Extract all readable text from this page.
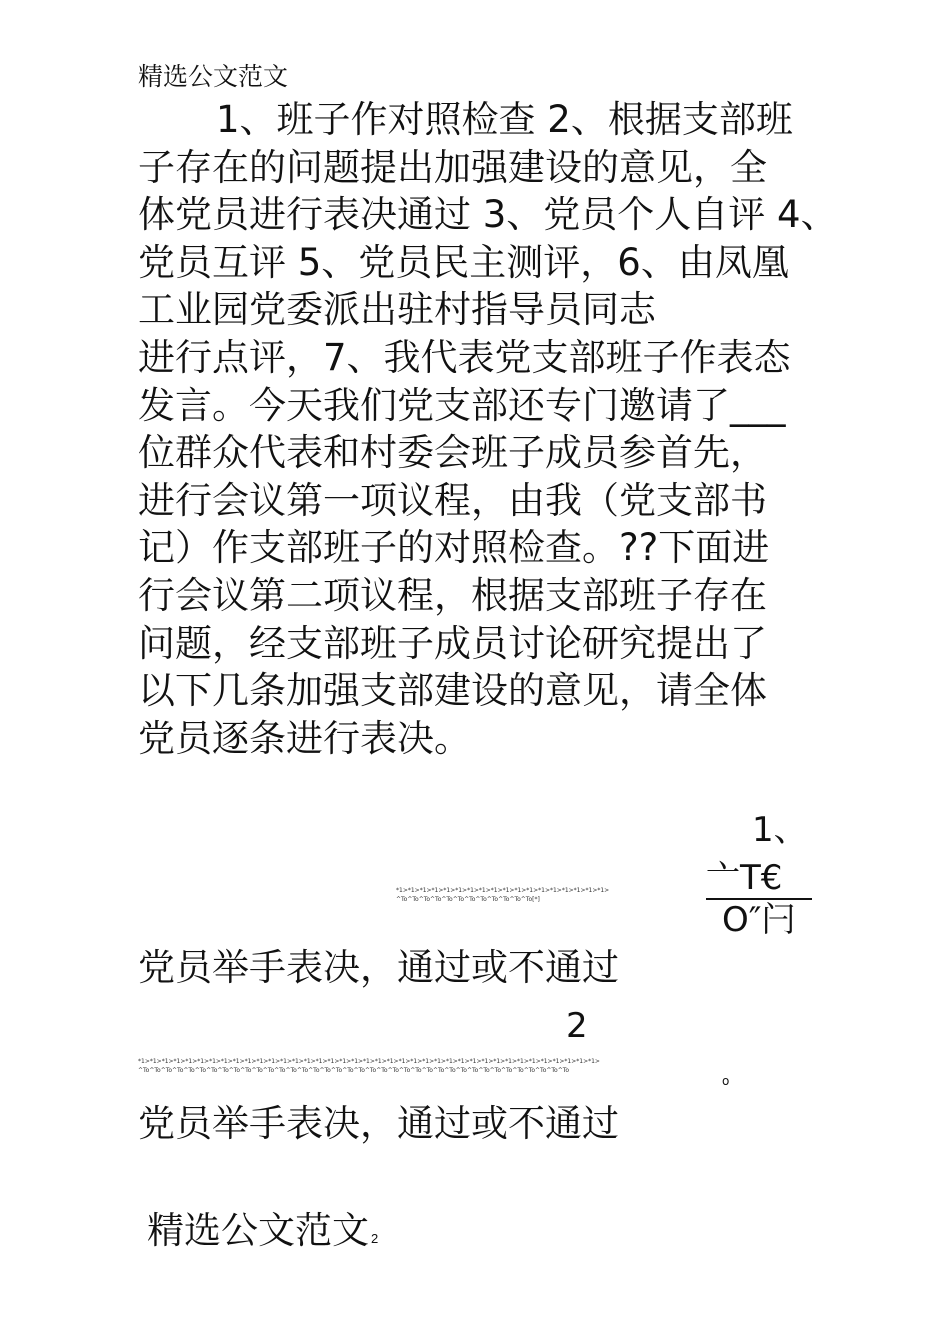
精选公文范文
1、班子作对照检查 2、根据支部班
子存在的问题提出加强建设的意见，全
体党员进行表决通过 3、党员个人自评 4、
党员互评 5、党员民主测评，6、由凤凰
工业园党委派出驻村指导员同志
进行点评，7、我代表党支部班子作表态
发言。今天我们党支部还专门邀请了___
位群众代表和村委会班子成员参首先，
进行会议第一项议程，由我（党支部书
记）作支部班子的对照检查。??下面进
行会议第二项议程，根据支部班子存在
问题，经支部班子成员讨论研究提出了
以下几条加强支部建设的意见，请全体
党员逐条进行表决。
1、
*1>*1>*1>*1>*1>*1>*1>*1>*1>*1>*1>*1>*1>*1>*1>*1>*1>*1>
^To^To^To^To^To^To^To^To^To^To^To^To[*]
亠T€
O″闩
党员举手表决，通过或不通过
2
*1>*1>*1>*1>*1>*1>*1>*1>*1>*1>*1>*1>*1>*1>*1>*1>*1>*1>*1>*1>*1>*1>*1>*1>*1>*1>*1>*1>*1>*1>*1>*1>*1>*1>*1>*1>*1>*1>*1>
^To^To^To^To^To^To^To^To^To^To^To^To^To^To^To^To^To^To^To^To^To^To^To^To^To^To^To^To^To^To^To^To^To^To^To^To^To^To
o
党员举手表决，通过或不通过
精选公文范文 2
